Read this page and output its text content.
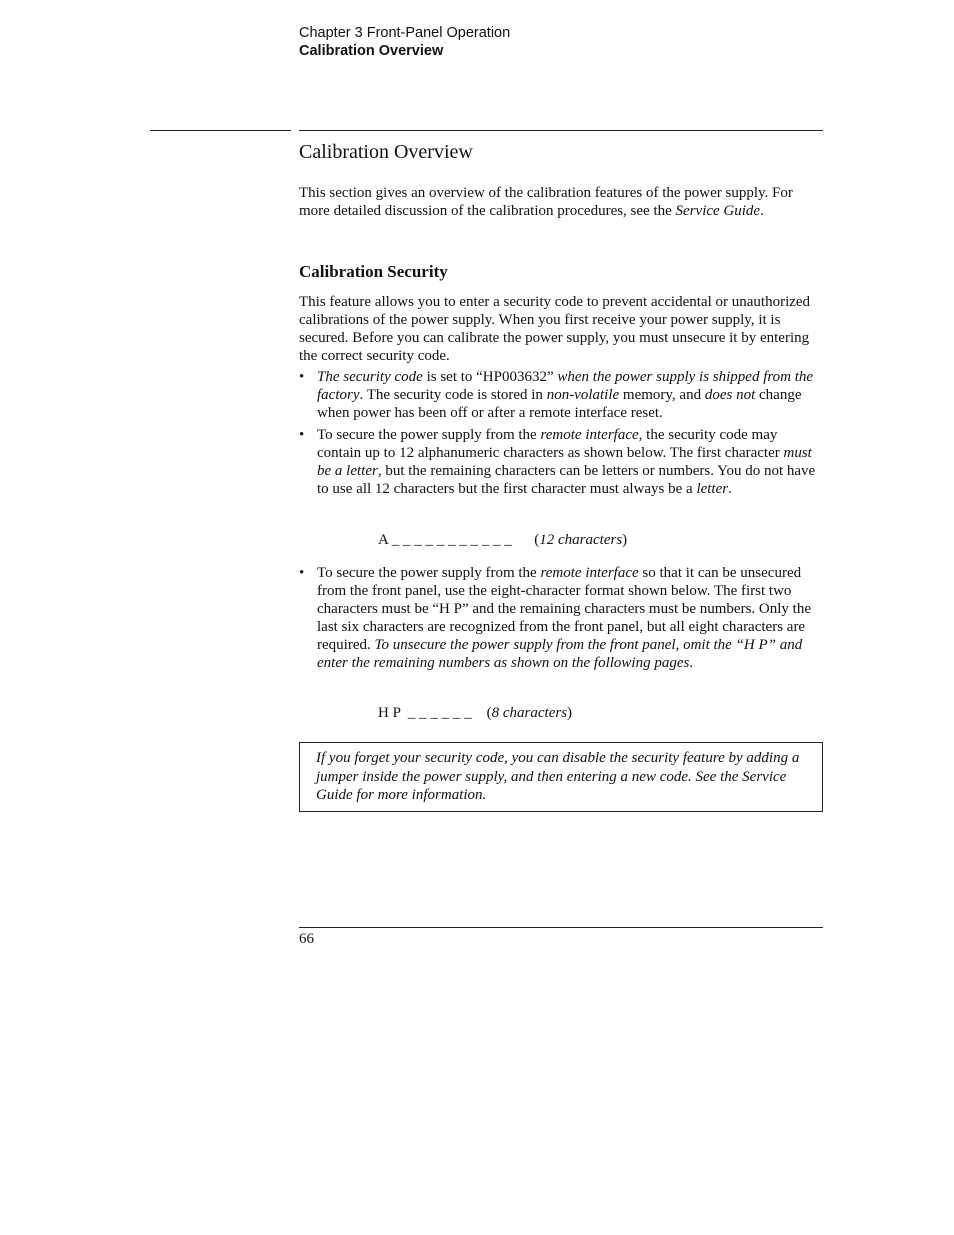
Chapter 3 Front-Panel Operation
Calibration Overview
Calibration Overview

This section gives an overview of the calibration features of the power supply. For more detailed discussion of the calibration procedures, see the Service Guide.

Calibration Security

This feature allows you to enter a security code to prevent accidental or unauthorized calibrations of the power supply. When you first receive your power supply, it is secured. Before you can calibrate the power supply, you must unsecure it by entering the correct security code.

• The security code is set to “HP003632” when the power supply is shipped from the factory. The security code is stored in non-volatile memory, and does not change when power has been off or after a remote interface reset.
• To secure the power supply from the remote interface, the security code may contain up to 12 alphanumeric characters as shown below. The first character must be a letter, but the remaining characters can be letters or numbers. You do not have to use all 12 characters but the first character must always be a letter.
A _ _ _ _ _ _ _ _ _ _ _ (12 characters)
• To secure the power supply from the remote interface so that it can be unsecured from the front panel, use the eight-character format shown below. The first two characters must be “H P” and the remaining characters must be numbers. Only the last six characters are recognized from the front panel, but all eight characters are required. To unsecure the power supply from the front panel, omit the “H P” and enter the remaining numbers as shown on the following pages.
H P  _ _ _ _ _ _ (8 characters)
If you forget your security code, you can disable the security feature by adding a jumper inside the power supply, and then entering a new code. See the Service Guide for more information.
66
